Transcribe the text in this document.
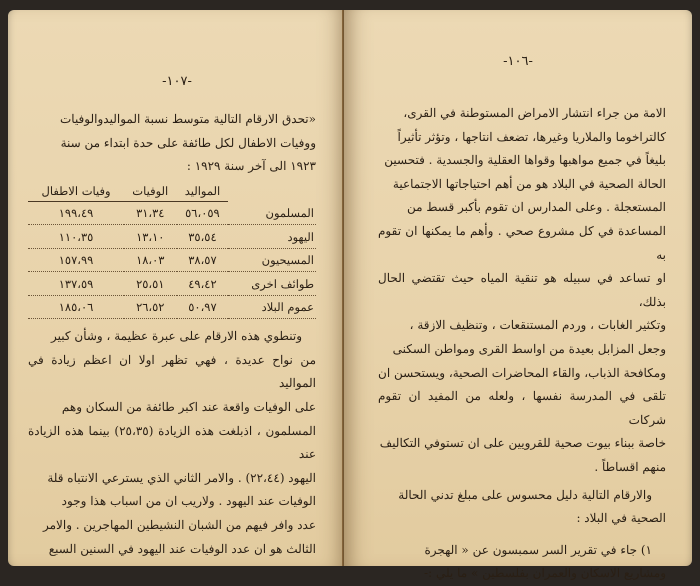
-١٠٧-

«تحدق الارقام التالية متوسط نسبة المواليدوالوفيات

ووفيات الاطفال لكل طائفة على حدة ابتداء من سنة

١٩٢٣ الى آخر سنة ١٩٢٩ :

	المواليد	الوفيات	وفيات الاطفال
المسلمون	٥٦،٠٥٩	٣١،٣٤	١٩٩،٤٩
اليهود	٣٥،٥٤	١٣،١٠	١١٠،٣٥
المسيحيون	٣٨،٥٧	١٨،٠٣	١٥٧،٩٩
طوائف اخرى	٤٩،٤٢	٢٥،٥١	١٣٧،٥٩
عموم البلاد	٥٠،٩٧	٢٦،٥٢	١٨٥،٠٦

وتنطوي هذه الارقام على عبرة عظيمة ، وشأن كبير

من نواح عديدة ، فهي تظهر اولا ان اعظم زيادة في المواليد

على الوفيات واقعة عند اكبر طائفة من السكان وهم

المسلمون ، اذبلغت هذه الزيادة (٢٥،٣٥) بينما هذه الزيادة عند

اليهود (٢٢،٤٤) . والامر الثاني الذي يسترعي الانتباه قلة

الوفيات عند اليهود . ولاريب ان من اسباب هذا وجود

عدد وافر فيهم من الشبان النشيطين المهاجرين . والامر

الثالث هو ان عدد الوفيات عند اليهود في السنين السبع

-١٠٦-

الامة من جراء انتشار الامراض المستوطنة في القرى،

كالتراخوما والملاريا وغيرها، تضعف انتاجها ، وتؤثر تأثيراً

بليغاً في جميع مواهبها وقواها العقلية والجسدية . فتحسين

الحالة الصحية في البلاد هو من أهم احتياجاتها الاجتماعية

المستعجلة . وعلى المدارس ان تقوم بأكبر قسط من

المساعدة في كل مشروع صحي . وأهم ما يمكنها ان تقوم به

او تساعد في سبيله هو تنقية المياه حيث تقتضي الحال بذلك،

وتكثير الغابات ، وردم المستنقعات ، وتنظيف الازقة ،

وجعل المزابل بعيدة من اواسط القرى ومواطن السكنى

ومكافحة الذباب، والقاء المحاضرات الصحية، ويستحسن ان

تلقى في المدرسة نفسها ، ولعله من المفيد ان تقوم شركات

خاصة ببناء بيوت صحية للقرويين على ان تستوفي التكاليف

منهم اقساطاً .

والارقام التالية دليل محسوس على مبلغ تدني الحالة

الصحية في البلاد :

١) جاء في تقرير السر سمبسون عن « الهجرة

ومشاريع الاسكان والعمران بفلسطين » ما يلي :-
